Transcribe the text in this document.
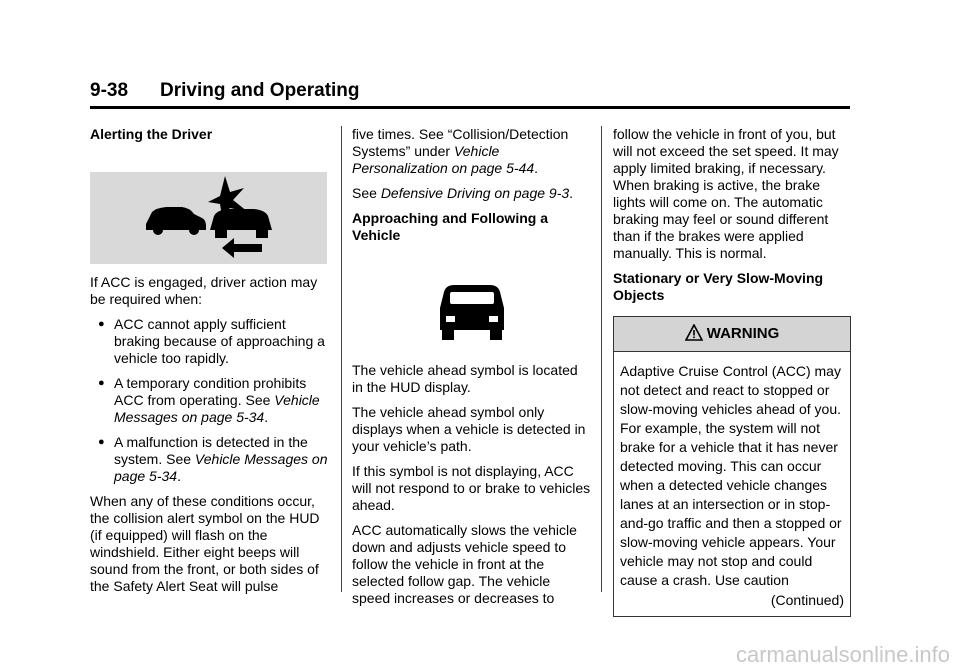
9-38 Driving and Operating

Alerting the Driver

If ACC is engaged, driver action may be required when:

● ACC cannot apply sufficient braking because of approaching a vehicle too rapidly.
● A temporary condition prohibits ACC from operating. See Vehicle Messages on page 5-34.
● A malfunction is detected in the system. See Vehicle Messages on page 5-34.

When any of these conditions occur, the collision alert symbol on the HUD (if equipped) will flash on the windshield. Either eight beeps will sound from the front, or both sides of the Safety Alert Seat will pulse

five times. See “Collision/Detection Systems” under Vehicle Personalization on page 5-44.

See Defensive Driving on page 9-3.

Approaching and Following a Vehicle

The vehicle ahead symbol is located in the HUD display.

The vehicle ahead symbol only displays when a vehicle is detected in your vehicle’s path.

If this symbol is not displaying, ACC will not respond to or brake to vehicles ahead.

ACC automatically slows the vehicle down and adjusts vehicle speed to follow the vehicle in front at the selected follow gap. The vehicle speed increases or decreases to

follow the vehicle in front of you, but will not exceed the set speed. It may apply limited braking, if necessary. When braking is active, the brake lights will come on. The automatic braking may feel or sound different than if the brakes were applied manually. This is normal.

Stationary or Very Slow-Moving Objects

WARNING
Adaptive Cruise Control (ACC) may not detect and react to stopped or slow-moving vehicles ahead of you. For example, the system will not brake for a vehicle that it has never detected moving. This can occur when a detected vehicle changes lanes at an intersection or in stop-and-go traffic and then a stopped or slow-moving vehicle appears. Your vehicle may not stop and could cause a crash. Use caution
(Continued)
carmanualsonline.info
